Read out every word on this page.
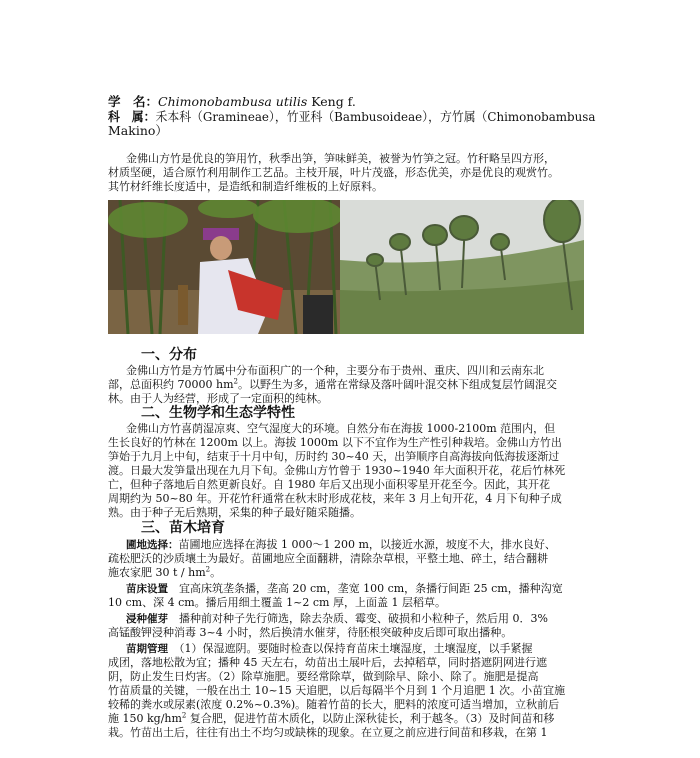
学　名：Chimonobambusa utilis Keng f.
科　属：禾本科（Gramineae），竹亚科（Bambusoideae），方竹属（Chimonobambusa
Makino）
金佛山方竹是优良的笋用竹，秋季出笋，笋味鲜美，被誉为竹笋之冠。竹秆略呈四方形，
材质坚硬，适合原竹利用制作工艺品。主枝开展，叶片茂盛，形态优美，亦是优良的观赏竹。
其竹材纤维长度适中，是造纸和制造纤维板的上好原料。
一、分布
金佛山方竹是方竹属中分布面积广的一个种，主要分布于贵州、重庆、四川和云南东北
部，总面积约 70000 $hm^2$。以野生为多，通常在常绿及落叶阔叶混交林下组成复层竹阔混交
林。由于人为经营，形成了一定面积的纯林。
二、生物学和生态学特性
金佛山方竹喜荫湿凉爽、空气湿度大的环境。自然分布在海拔 1000-2100m 范围内，但
生长良好的竹林在 1200m 以上。海拔 1000m 以下不宜作为生产性引种栽培。金佛山方竹出
笋始于九月上中旬，结束于十月中旬，历时约 30~40 天，出笋顺序自高海拔向低海拔逐渐过
渡。日最大发笋量出现在九月下旬。金佛山方竹曾于 1930~1940 年大面积开花，花后竹林死
亡，但种子落地后自然更新良好。自 1980 年后又出现小面积零星开花至今。因此，其开花
周期约为 50~80 年。开花竹秆通常在秋末时形成花枝，来年 3 月上旬开花，4 月下旬种子成
熟。由于种子无后熟期，采集的种子最好随采随播。
三、苗木培育
圃地选择：苗圃地应选择在海拔 1 000～1 200 m，以接近水源，坡度不大，排水良好、
疏松肥沃的沙质壤土为最好。苗圃地应全面翻耕，清除杂草根，平整土地、碎土，结合翻耕
施农家肥 30 t / $hm^2$。
苗床设置　宜高床筑垄条播，垄高 20 cm，垄宽 100 cm，条播行间距 25 cm，播种沟宽
10 cm、深 4 cm。播后用细土覆盖 1~2 cm 厚，上面盖 1 层稻草。
浸种催芽　播种前对种子先行筛选，除去杂质、霉变、破损和小粒种子，然后用 0．3%
高锰酸钾浸种消毒 3~4 小时，然后换清水催芽，待胚根突破种皮后即可取出播种。
苗期管理　（1）保湿遮阴。要随时检查以保持育苗床土壤湿度，土壤湿度，以手紧握
成团，落地松散为宜；播种 45 天左右，幼苗出土展叶后，去掉稻草，同时搭遮阴网进行遮
阴，防止发生日灼害。（2）除草施肥。要经常除草，做到除早、除小、除了。施肥是提高
竹苗质量的关键，一般在出土 10~15 天追肥，以后每隔半个月到 1 个月追肥 1 次。小苗宜施
较稀的粪水或尿素(浓度 0.2%~0.3%)。随着竹苗的长大，肥料的浓度可适当增加，立秋前后
施 150 $kg/hm^2$ 复合肥，促进竹苗木质化，以防止深秋徒长，利于越冬。（3）及时间苗和移
栽。竹苗出土后，往往有出土不均匀或缺株的现象。在立夏之前应进行间苗和移栽，在第 1
